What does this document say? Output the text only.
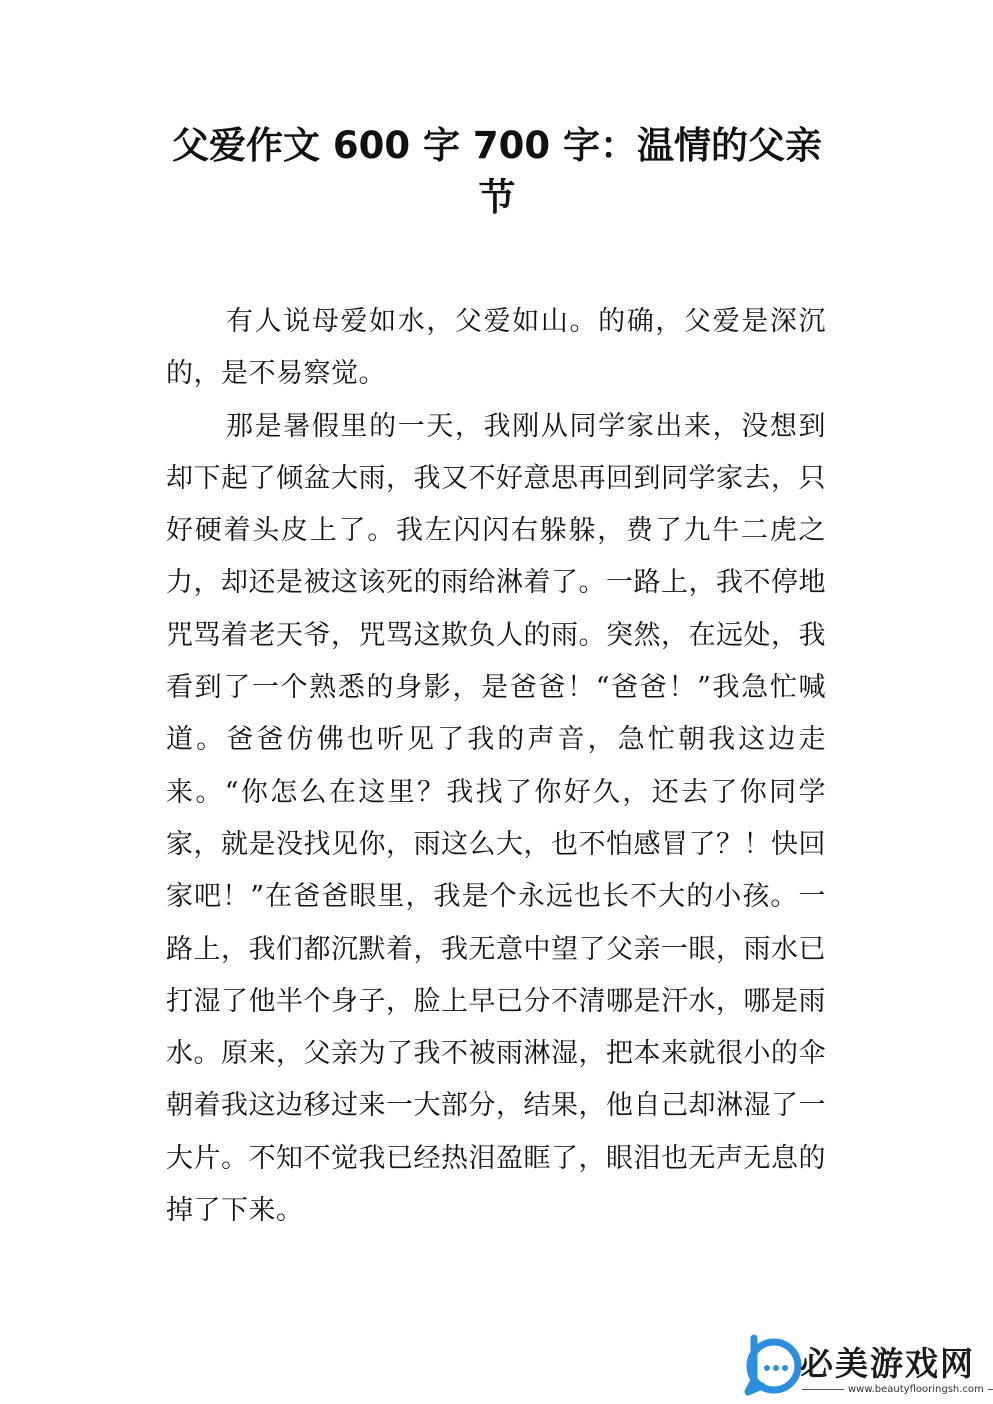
父爱作文 600 字 700 字：温情的父亲
节

有人说母爱如水，父爱如山。的确，父爱是深沉的，是不易察觉。

那是暑假里的一天，我刚从同学家出来，没想到却下起了倾盆大雨，我又不好意思再回到同学家去，只好硬着头皮上了。我左闪闪右躲躲，费了九牛二虎之力，却还是被这该死的雨给淋着了。一路上，我不停地咒骂着老天爷，咒骂这欺负人的雨。突然，在远处，我看到了一个熟悉的身影，是爸爸！“爸爸！”我急忙喊道。爸爸仿佛也听见了我的声音，急忙朝我这边走来。“你怎么在这里？我找了你好久，还去了你同学家，就是没找见你，雨这么大，也不怕感冒了？！快回家吧！”在爸爸眼里，我是个永远也长不大的小孩。一路上，我们都沉默着，我无意中望了父亲一眼，雨水已打湿了他半个身子，脸上早已分不清哪是汗水，哪是雨水。原来，父亲为了我不被雨淋湿，把本来就很小的伞朝着我这边移过来一大部分，结果，他自己却淋湿了一大片。不知不觉我已经热泪盈眶了，眼泪也无声无息的掉了下来。

必美游戏网
www.beautyflooringsh.com
